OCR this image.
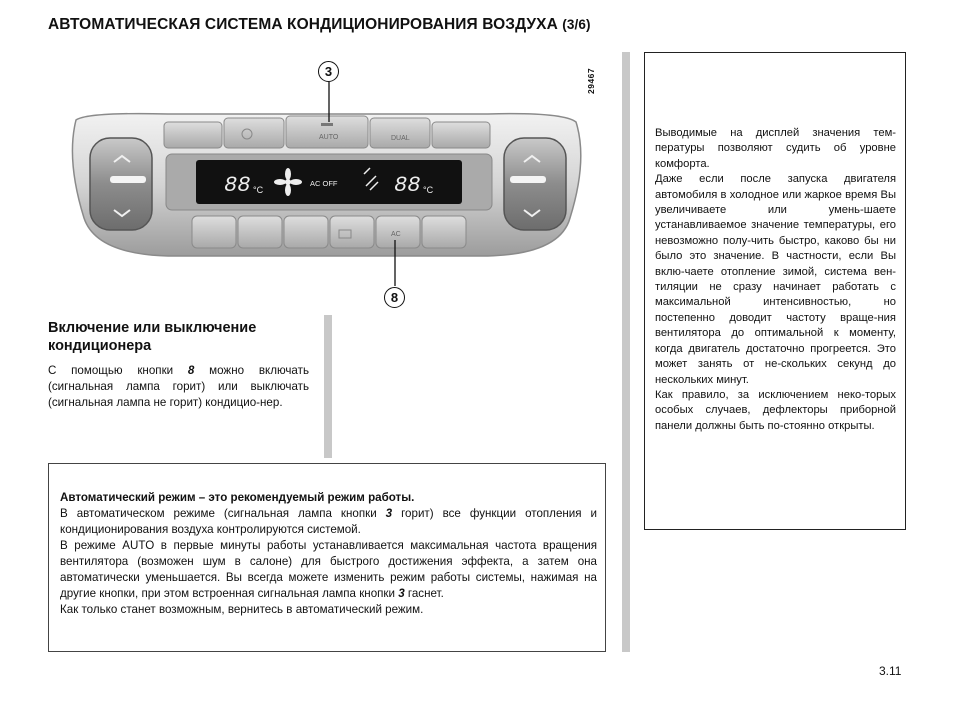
АВТОМАТИЧЕСКАЯ СИСТЕМА КОНДИЦИОНИРОВАНИЯ ВОЗДУХА (3/6)
AUTO	DUAL
88 °C
AC OFF	88 °C
AC
29467
3
8
Включение или выключение кондиционера
С помощью кнопки 8 можно включать (сигнальная лампа горит) или выключать (сигнальная лампа не горит) кондицио-нер.

Автоматический режим – это рекомендуемый режим работы.

В автоматическом режиме (сигнальная лампа кнопки 3 горит) все функции отопления и кондиционирования воздуха контролируются системой.

В режиме AUTO в первые минуты работы устанавливается максимальная частота вращения вентилятора (возможен шум в салоне) для быстрого достижения эффекта, а затем она автоматически уменьшается. Вы всегда можете изменить режим работы системы, нажимая на другие кнопки, при этом встроенная сигнальная лампа кнопки 3 гаснет.

Как только станет возможным, вернитесь в автоматический режим.

Выводимые на дисплей значения тем-пературы позволяют судить об уровне комфорта.

Даже если после запуска двигателя автомобиля в холодное или жаркое время Вы увеличиваете или умень-шаете устанавливаемое значение температуры, его невозможно полу-чить быстро, каково бы ни было это значение. В частности, если Вы вклю-чаете отопление зимой, система вен-тиляции не сразу начинает работать с максимальной интенсивностью, но постепенно доводит частоту враще-ния вентилятора до оптимальной к моменту, когда двигатель достаточно прогреется. Это может занять от не-скольких секунд до нескольких минут.

Как правило, за исключением неко-торых особых случаев, дефлекторы приборной панели должны быть по-стоянно открыты.

3.11
